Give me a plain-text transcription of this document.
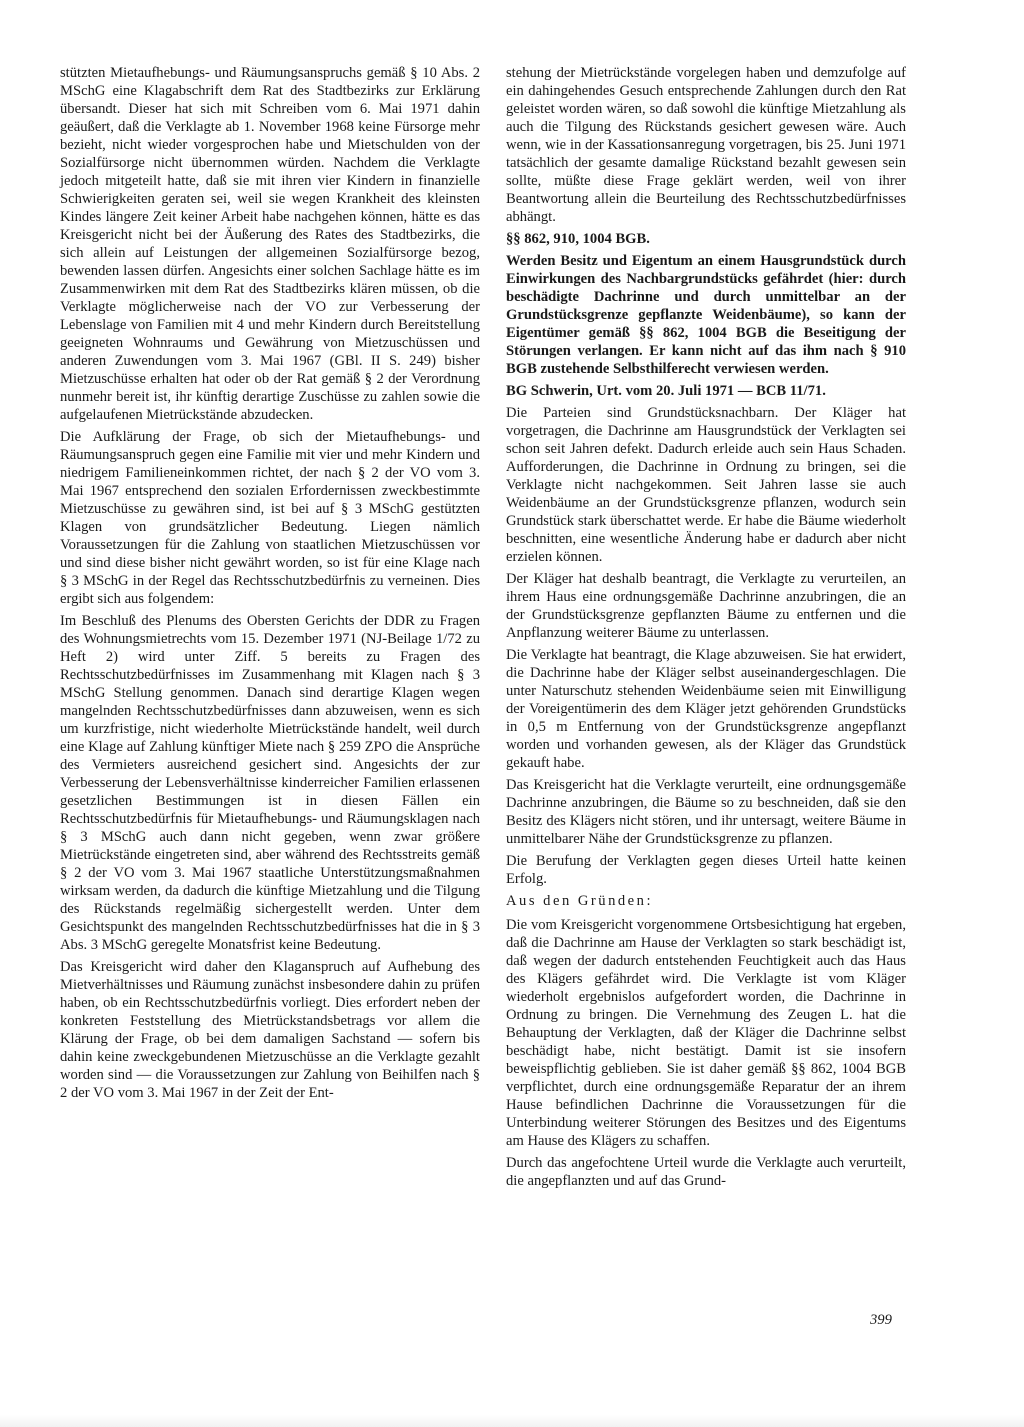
stützten Mietaufhebungs- und Räumungsanspruchs gemäß § 10 Abs. 2 MSchG eine Klagabschrift dem Rat des Stadtbezirks zur Erklärung übersandt. Dieser hat sich mit Schreiben vom 6. Mai 1971 dahin geäußert, daß die Verklagte ab 1. November 1968 keine Fürsorge mehr bezieht, nicht wieder vorgesprochen habe und Mietschulden von der Sozialfürsorge nicht übernommen würden. Nachdem die Verklagte jedoch mitgeteilt hatte, daß sie mit ihren vier Kindern in finanzielle Schwierigkeiten geraten sei, weil sie wegen Krankheit des kleinsten Kindes längere Zeit keiner Arbeit habe nachgehen können, hätte es das Kreisgericht nicht bei der Äußerung des Rates des Stadtbezirks, die sich allein auf Leistungen der allgemeinen Sozialfürsorge bezog, bewenden lassen dürfen. Angesichts einer solchen Sachlage hätte es im Zusammenwirken mit dem Rat des Stadtbezirks klären müssen, ob die Verklagte möglicherweise nach der VO zur Verbesserung der Lebenslage von Familien mit 4 und mehr Kindern durch Bereitstellung geeigneten Wohnraums und Gewährung von Mietzuschüssen und anderen Zuwendungen vom 3. Mai 1967 (GBl. II S. 249) bisher Mietzuschüsse erhalten hat oder ob der Rat gemäß § 2 der Verordnung nunmehr bereit ist, ihr künftig derartige Zuschüsse zu zahlen sowie die aufgelaufenen Mietrückstände abzudecken.

Die Aufklärung der Frage, ob sich der Mietaufhebungs- und Räumungsanspruch gegen eine Familie mit vier und mehr Kindern und niedrigem Familieneinkommen richtet, der nach § 2 der VO vom 3. Mai 1967 entsprechend den sozialen Erfordernissen zweckbestimmte Mietzuschüsse zu gewähren sind, ist bei auf § 3 MSchG gestützten Klagen von grundsätzlicher Bedeutung. Liegen nämlich Voraussetzungen für die Zahlung von staatlichen Mietzuschüssen vor und sind diese bisher nicht gewährt worden, so ist für eine Klage nach § 3 MSchG in der Regel das Rechtsschutzbedürfnis zu verneinen. Dies ergibt sich aus folgendem:

Im Beschluß des Plenums des Obersten Gerichts der DDR zu Fragen des Wohnungsmietrechts vom 15. Dezember 1971 (NJ-Beilage 1/72 zu Heft 2) wird unter Ziff. 5 bereits zu Fragen des Rechtsschutzbedürfnisses im Zusammenhang mit Klagen nach § 3 MSchG Stellung genommen. Danach sind derartige Klagen wegen mangelnden Rechtsschutzbedürfnisses dann abzuweisen, wenn es sich um kurzfristige, nicht wiederholte Mietrückstände handelt, weil durch eine Klage auf Zahlung künftiger Miete nach § 259 ZPO die Ansprüche des Vermieters ausreichend gesichert sind. Angesichts der zur Verbesserung der Lebensverhältnisse kinderreicher Familien erlassenen gesetzlichen Bestimmungen ist in diesen Fällen ein Rechtsschutzbedürfnis für Mietaufhebungs- und Räumungsklagen nach § 3 MSchG auch dann nicht gegeben, wenn zwar größere Mietrückstände eingetreten sind, aber während des Rechtsstreits gemäß § 2 der VO vom 3. Mai 1967 staatliche Unterstützungsmaßnahmen wirksam werden, da dadurch die künftige Mietzahlung und die Tilgung des Rückstands regelmäßig sichergestellt werden. Unter dem Gesichtspunkt des mangelnden Rechtsschutzbedürfnisses hat die in § 3 Abs. 3 MSchG geregelte Monatsfrist keine Bedeutung.

Das Kreisgericht wird daher den Klaganspruch auf Aufhebung des Mietverhältnisses und Räumung zunächst insbesondere dahin zu prüfen haben, ob ein Rechtsschutzbedürfnis vorliegt. Dies erfordert neben der konkreten Feststellung des Mietrückstandsbetrags vor allem die Klärung der Frage, ob bei dem damaligen Sachstand — sofern bis dahin keine zweckgebundenen Mietzuschüsse an die Verklagte gezahlt worden sind — die Voraussetzungen zur Zahlung von Beihilfen nach § 2 der VO vom 3. Mai 1967 in der Zeit der Ent-

stehung der Mietrückstände vorgelegen haben und demzufolge auf ein dahingehendes Gesuch entsprechende Zahlungen durch den Rat geleistet worden wären, so daß sowohl die künftige Mietzahlung als auch die Tilgung des Rückstands gesichert gewesen wäre. Auch wenn, wie in der Kassationsanregung vorgetragen, bis 25. Juni 1971 tatsächlich der gesamte damalige Rückstand bezahlt gewesen sein sollte, müßte diese Frage geklärt werden, weil von ihrer Beantwortung allein die Beurteilung des Rechtsschutzbedürfnisses abhängt.

§§ 862, 910, 1004 BGB.

Werden Besitz und Eigentum an einem Hausgrundstück durch Einwirkungen des Nachbargrundstücks gefährdet (hier: durch beschädigte Dachrinne und durch unmittelbar an der Grundstücksgrenze gepflanzte Weidenbäume), so kann der Eigentümer gemäß §§ 862, 1004 BGB die Beseitigung der Störungen verlangen. Er kann nicht auf das ihm nach § 910 BGB zustehende Selbsthilferecht verwiesen werden.

BG Schwerin, Urt. vom 20. Juli 1971 — BCB 11/71.

Die Parteien sind Grundstücksnachbarn. Der Kläger hat vorgetragen, die Dachrinne am Hausgrundstück der Verklagten sei schon seit Jahren defekt. Dadurch erleide auch sein Haus Schaden. Aufforderungen, die Dachrinne in Ordnung zu bringen, sei die Verklagte nicht nachgekommen. Seit Jahren lasse sie auch Weidenbäume an der Grundstücksgrenze pflanzen, wodurch sein Grundstück stark überschattet werde. Er habe die Bäume wiederholt beschnitten, eine wesentliche Änderung habe er dadurch aber nicht erzielen können.

Der Kläger hat deshalb beantragt, die Verklagte zu verurteilen, an ihrem Haus eine ordnungsgemäße Dachrinne anzubringen, die an der Grundstücksgrenze gepflanzten Bäume zu entfernen und die Anpflanzung weiterer Bäume zu unterlassen.

Die Verklagte hat beantragt, die Klage abzuweisen. Sie hat erwidert, die Dachrinne habe der Kläger selbst auseinandergeschlagen. Die unter Naturschutz stehenden Weidenbäume seien mit Einwilligung der Voreigentümerin des dem Kläger jetzt gehörenden Grundstücks in 0,5 m Entfernung von der Grundstücksgrenze angepflanzt worden und vorhanden gewesen, als der Kläger das Grundstück gekauft habe.

Das Kreisgericht hat die Verklagte verurteilt, eine ordnungsgemäße Dachrinne anzubringen, die Bäume so zu beschneiden, daß sie den Besitz des Klägers nicht stören, und ihr untersagt, weitere Bäume in unmittelbarer Nähe der Grundstücksgrenze zu pflanzen.

Die Berufung der Verklagten gegen dieses Urteil hatte keinen Erfolg.

Aus den Gründen:

Die vom Kreisgericht vorgenommene Ortsbesichtigung hat ergeben, daß die Dachrinne am Hause der Verklagten so stark beschädigt ist, daß wegen der dadurch entstehenden Feuchtigkeit auch das Haus des Klägers gefährdet wird. Die Verklagte ist vom Kläger wiederholt ergebnislos aufgefordert worden, die Dachrinne in Ordnung zu bringen. Die Vernehmung des Zeugen L. hat die Behauptung der Verklagten, daß der Kläger die Dachrinne selbst beschädigt habe, nicht bestätigt. Damit ist sie insofern beweispflichtig geblieben. Sie ist daher gemäß §§ 862, 1004 BGB verpflichtet, durch eine ordnungsgemäße Reparatur der an ihrem Hause befindlichen Dachrinne die Voraussetzungen für die Unterbindung weiterer Störungen des Besitzes und des Eigentums am Hause des Klägers zu schaffen.

Durch das angefochtene Urteil wurde die Verklagte auch verurteilt, die angepflanzten und auf das Grund-

399
